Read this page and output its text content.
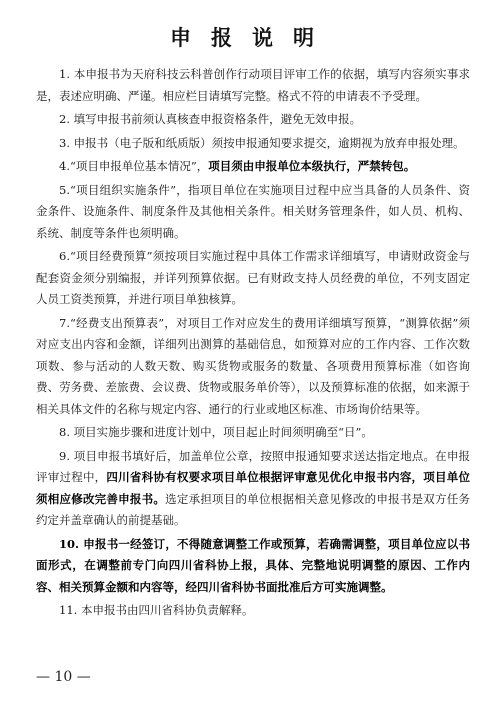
申报说明

1. 本申报书为天府科技云科普创作行动项目评审工作的依据，填写内容须实事求是，表述应明确、严谨。相应栏目请填写完整。格式不符的申请表不予受理。

2. 填写申报书前须认真核查申报资格条件，避免无效申报。

3. 申报书（电子版和纸质版）须按申报通知要求提交，逾期视为放弃申报处理。

4.“项目申报单位基本情况”，项目须由申报单位本级执行，严禁转包。

5.“项目组织实施条件”，指项目单位在实施项目过程中应当具备的人员条件、资金条件、设施条件、制度条件及其他相关条件。相关财务管理条件，如人员、机构、系统、制度等条件也须明确。

6.“项目经费预算”须按项目实施过程中具体工作需求详细填写，申请财政资金与配套资金须分别编报，并详列预算依据。已有财政支持人员经费的单位，不列支固定人员工资类预算，并进行项目单独核算。

7.“经费支出预算表”，对项目工作对应发生的费用详细填写预算，“测算依据”须对应支出内容和金额，详细列出测算的基础信息，如预算对应的工作内容、工作次数项数、参与活动的人数天数、购买货物或服务的数量、各项费用预算标准（如咨询费、劳务费、差旅费、会议费、货物或服务单价等），以及预算标准的依据，如来源于相关具体文件的名称与规定内容、通行的行业或地区标准、市场询价结果等。

8. 项目实施步骤和进度计划中，项目起止时间须明确至“日”。

9. 项目申报书填好后，加盖单位公章，按照申报通知要求送达指定地点。在申报评审过程中，四川省科协有权要求项目单位根据评审意见优化申报书内容，项目单位须相应修改完善申报书。选定承担项目的单位根据相关意见修改的申报书是双方任务约定并盖章确认的前提基础。

10. 申报书一经签订，不得随意调整工作或预算，若确需调整，项目单位应以书面形式，在调整前专门向四川省科协上报，具体、完整地说明调整的原因、工作内容、相关预算金额和内容等，经四川省科协书面批准后方可实施调整。

11. 本申报书由四川省科协负责解释。

— 10 —
